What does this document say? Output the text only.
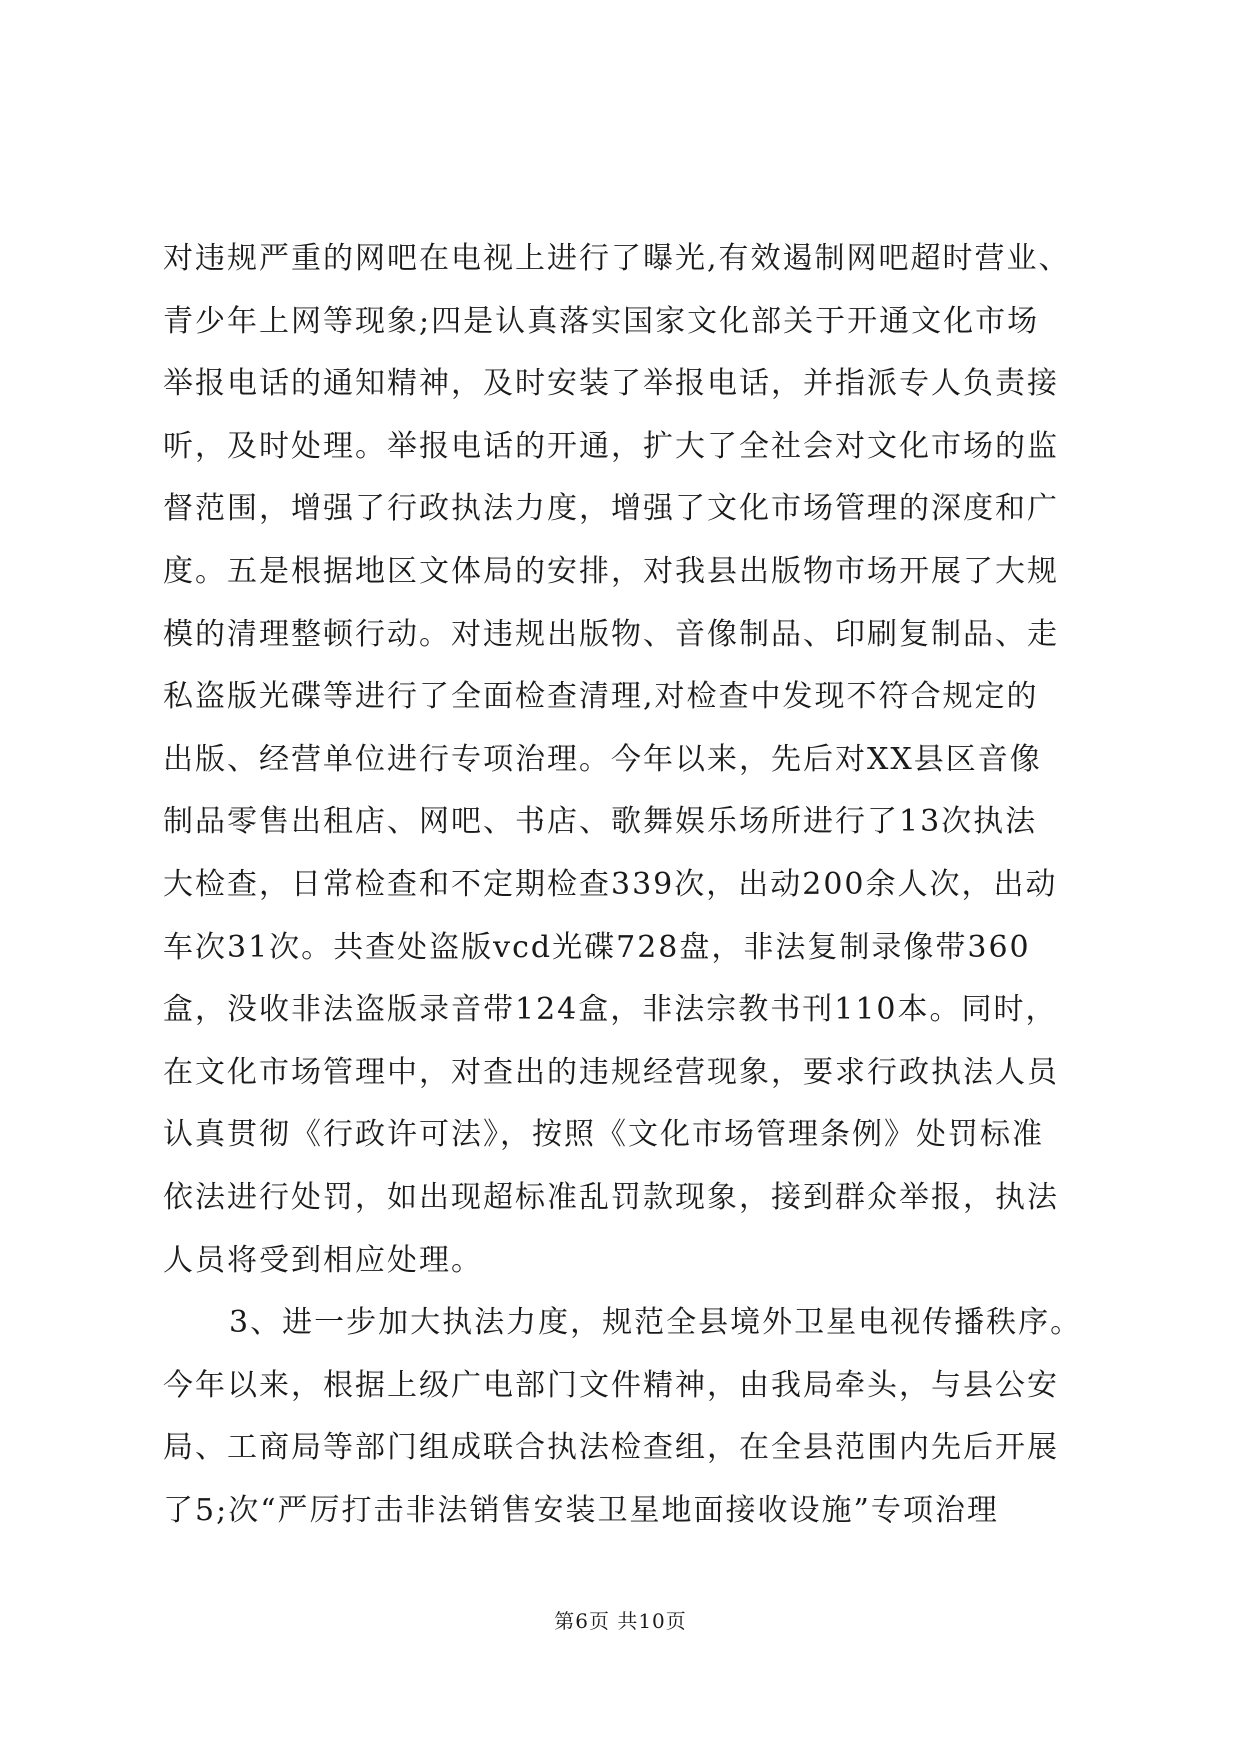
对违规严重的网吧在电视上进行了曝光,有效遏制网吧超时营业、
青少年上网等现象;四是认真落实国家文化部关于开通文化市场
举报电话的通知精神，及时安装了举报电话，并指派专人负责接
听，及时处理。举报电话的开通，扩大了全社会对文化市场的监
督范围，增强了行政执法力度，增强了文化市场管理的深度和广
度。五是根据地区文体局的安排，对我县出版物市场开展了大规
模的清理整顿行动。对违规出版物、音像制品、印刷复制品、走
私盗版光碟等进行了全面检查清理,对检查中发现不符合规定的
出版、经营单位进行专项治理。今年以来，先后对XX县区音像
制品零售出租店、网吧、书店、歌舞娱乐场所进行了13次执法
大检查，日常检查和不定期检查339次，出动200余人次，出动
车次31次。共查处盗版vcd光碟728盘，非法复制录像带360
盒，没收非法盗版录音带124盒，非法宗教书刊110本。同时，
在文化市场管理中，对查出的违规经营现象，要求行政执法人员
认真贯彻《行政许可法》，按照《文化市场管理条例》处罚标准
依法进行处罚，如出现超标准乱罚款现象，接到群众举报，执法
人员将受到相应处理。
3、进一步加大执法力度，规范全县境外卫星电视传播秩序。
今年以来，根据上级广电部门文件精神，由我局牵头，与县公安
局、工商局等部门组成联合执法检查组，在全县范围内先后开展
了5;次“严厉打击非法销售安装卫星地面接收设施”专项治理
第6页 共10页
